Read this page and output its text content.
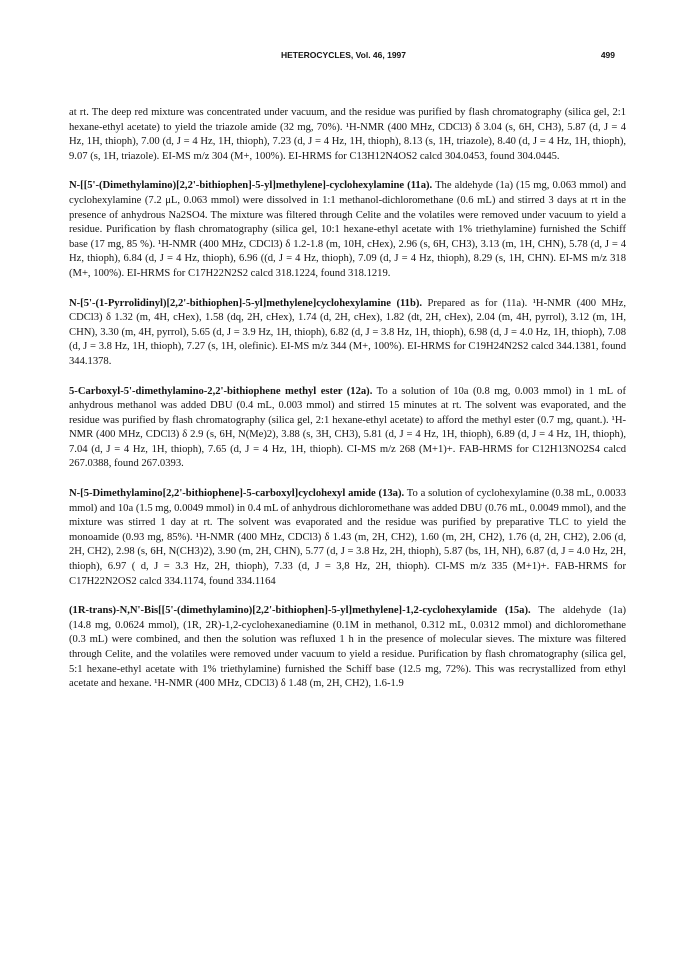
HETEROCYCLES, Vol. 46, 1997	499

at rt. The deep red mixture was concentrated under vacuum, and the residue was purified by flash chromatography (silica gel, 2:1 hexane-ethyl acetate) to yield the triazole amide (32 mg, 70%). ¹H-NMR (400 MHz, CDCl3) δ 3.04 (s, 6H, CH3), 5.87 (d, J = 4 Hz, 1H, thioph), 7.00 (d, J = 4 Hz, 1H, thioph), 7.23 (d, J = 4 Hz, 1H, thioph), 8.13 (s, 1H, triazole), 8.40 (d, J = 4 Hz, 1H, thioph), 9.07 (s, 1H, triazole). EI-MS m/z 304 (M+, 100%). EI-HRMS for C13H12N4OS2 calcd 304.0453, found 304.0445.

N-[[5'-(Dimethylamino)[2,2'-bithiophen]-5-yl]methylene]-cyclohexylamine (11a). The aldehyde (1a) (15 mg, 0.063 mmol) and cyclohexylamine (7.2 μL, 0.063 mmol) were dissolved in 1:1 methanol-dichloromethane (0.6 mL) and stirred 3 days at rt in the presence of anhydrous Na2SO4. The mixture was filtered through Celite and the volatiles were removed under vacuum to yield a residue. Purification by flash chromatography (silica gel, 10:1 hexane-ethyl acetate with 1% triethylamine) furnished the Schiff base (17 mg, 85 %). ¹H-NMR (400 MHz, CDCl3) δ 1.2-1.8 (m, 10H, cHex), 2.96 (s, 6H, CH3), 3.13 (m, 1H, CHN), 5.78 (d, J = 4 Hz, thioph), 6.84 (d, J = 4 Hz, thioph), 6.96 ((d, J = 4 Hz, thioph), 7.09 (d, J = 4 Hz, thioph), 8.29 (s, 1H, CHN). EI-MS m/z 318 (M+, 100%). EI-HRMS for C17H22N2S2 calcd 318.1224, found 318.1219.

N-[5'-(1-Pyrrolidinyl)[2,2'-bithiophen]-5-yl]methylene]cyclohexylamine (11b). Prepared as for (11a). ¹H-NMR (400 MHz, CDCl3) δ 1.32 (m, 4H, cHex), 1.58 (dq, 2H, cHex), 1.74 (d, 2H, cHex), 1.82 (dt, 2H, cHex), 2.04 (m, 4H, pyrrol), 3.12 (m, 1H, CHN), 3.30 (m, 4H, pyrrol), 5.65 (d, J = 3.9 Hz, 1H, thioph), 6.82 (d, J = 3.8 Hz, 1H, thioph), 6.98 (d, J = 4.0 Hz, 1H, thioph), 7.08 (d, J = 3.8 Hz, 1H, thioph), 7.27 (s, 1H, olefinic). EI-MS m/z 344 (M+, 100%). EI-HRMS for C19H24N2S2 calcd 344.1381, found 344.1378.

5-Carboxyl-5'-dimethylamino-2,2'-bithiophene methyl ester (12a). To a solution of 10a (0.8 mg, 0.003 mmol) in 1 mL of anhydrous methanol was added DBU (0.4 mL, 0.003 mmol) and stirred 15 minutes at rt. The solvent was evaporated, and the residue was purified by flash chromatography (silica gel, 2:1 hexane-ethyl acetate) to afford the methyl ester (0.7 mg, quant.). ¹H-NMR (400 MHz, CDCl3) δ 2.9 (s, 6H, N(Me)2), 3.88 (s, 3H, CH3), 5.81 (d, J = 4 Hz, 1H, thioph), 6.89 (d, J = 4 Hz, 1H, thioph), 7.04 (d, J = 4 Hz, 1H, thioph), 7.65 (d, J = 4 Hz, 1H, thioph). CI-MS m/z 268 (M+1)+. FAB-HRMS for C12H13NO2S4 calcd 267.0388, found 267.0393.

N-[5-Dimethylamino[2,2'-bithiophene]-5-carboxyl]cyclohexyl amide (13a). To a solution of cyclohexylamine (0.38 mL, 0.0033 mmol) and 10a (1.5 mg, 0.0049 mmol) in 0.4 mL of anhydrous dichloromethane was added DBU (0.76 mL, 0.0049 mmol), and the mixture was stirred 1 day at rt. The solvent was evaporated and the residue was purified by preparative TLC to yield the monoamide (0.93 mg, 85%). ¹H-NMR (400 MHz, CDCl3) δ 1.43 (m, 2H, CH2), 1.60 (m, 2H, CH2), 1.76 (d, 2H, CH2), 2.06 (d, 2H, CH2), 2.98 (s, 6H, N(CH3)2), 3.90 (m, 2H, CHN), 5.77 (d, J = 3.8 Hz, 2H, thioph), 5.87 (bs, 1H, NH), 6.87 (d, J = 4.0 Hz, 2H, thioph), 6.97 ( d, J = 3.3 Hz, 2H, thioph), 7.33 (d, J = 3,8 Hz, 2H, thioph). CI-MS m/z 335 (M+1)+. FAB-HRMS for C17H22N2OS2 calcd 334.1174, found 334.1164

(1R-trans)-N,N'-Bis[[5'-(dimethylamino)[2,2'-bithiophen]-5-yl]methylene]-1,2-cyclohexylamide (15a). The aldehyde (1a) (14.8 mg, 0.0624 mmol), (1R, 2R)-1,2-cyclohexanediamine (0.1M in methanol, 0.312 mL, 0.0312 mmol) and dichloromethane (0.3 mL) were combined, and then the solution was refluxed 1 h in the presence of molecular sieves. The mixture was filtered through Celite, and the volatiles were removed under vacuum to yield a residue. Purification by flash chromatography (silica gel, 5:1 hexane-ethyl acetate with 1% triethylamine) furnished the Schiff base (12.5 mg, 72%). This was recrystallized from ethyl acetate and hexane. ¹H-NMR (400 MHz, CDCl3) δ 1.48 (m, 2H, CH2), 1.6-1.9
